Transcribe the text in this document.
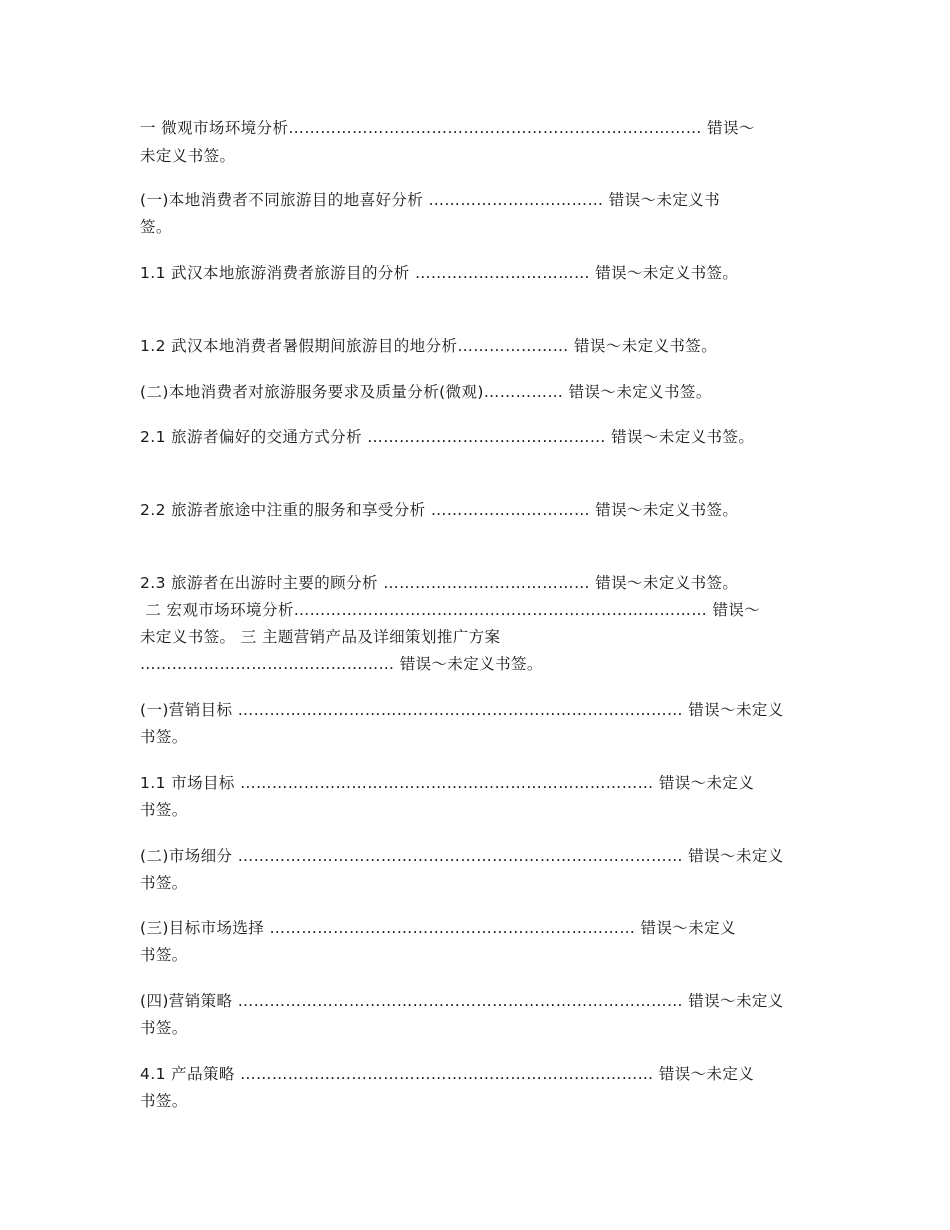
一 微观市场环境分析…………………………………………………………………… 错误～
未定义书签。
(一)本地消费者不同旅游目的地喜好分析 …………………………… 错误～未定义书
签。
1.1 武汉本地旅游消费者旅游目的分析 …………………………… 错误～未定义书签。
1.2 武汉本地消费者暑假期间旅游目的地分析………………… 错误～未定义书签。
(二)本地消费者对旅游服务要求及质量分析(微观)…………… 错误～未定义书签。
2.1 旅游者偏好的交通方式分析 ……………………………………… 错误～未定义书签。
2.2 旅游者旅途中注重的服务和享受分析 ………………………… 错误～未定义书签。
2.3 旅游者在出游时主要的顾分析 ………………………………… 错误～未定义书签。
二 宏观市场环境分析…………………………………………………………………… 错误～
未定义书签。 三 主题营销产品及详细策划推广方案
………………………………………… 错误～未定义书签。
(一)营销目标 ………………………………………………………………………… 错误～未定义
书签。
1.1 市场目标 …………………………………………………………………… 错误～未定义
书签。
(二)市场细分 ………………………………………………………………………… 错误～未定义
书签。
(三)目标市场选择 …………………………………………………………… 错误～未定义
书签。
(四)营销策略 ………………………………………………………………………… 错误～未定义
书签。
4.1 产品策略 …………………………………………………………………… 错误～未定义
书签。
